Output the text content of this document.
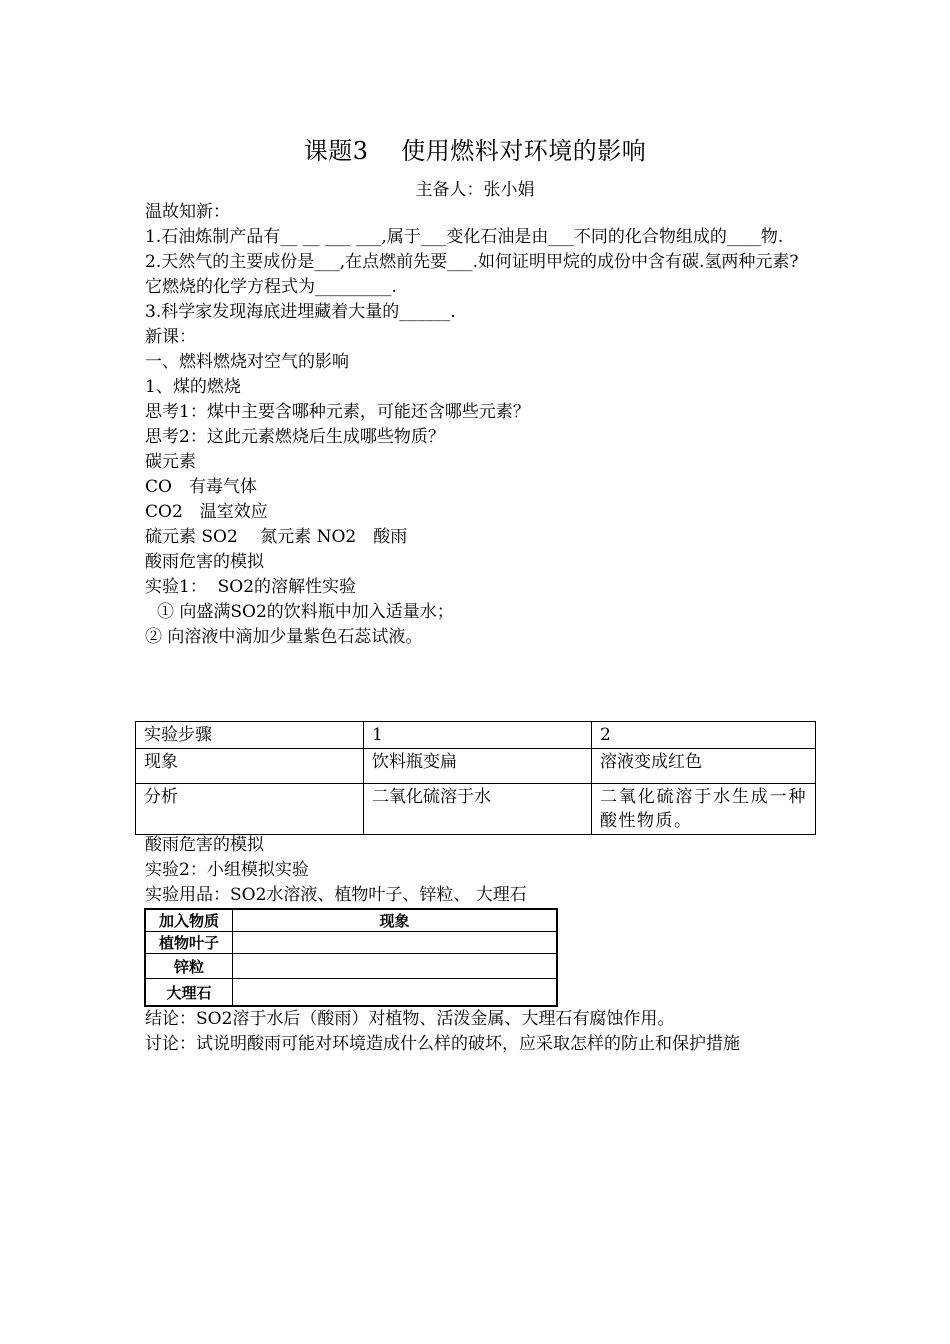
课题3　 使用燃料对环境的影响
主备人：张小娟

温故知新：

1.石油炼制产品有__ __ ___ ___,属于___变化石油是由___不同的化合物组成的____物.

2.天然气的主要成份是___,在点燃前先要___.如何证明甲烷的成份中含有碳.氢两种元素?

它燃烧的化学方程式为_________.

3.科学家发现海底进埋藏着大量的______.

新课：

一、燃料燃烧对空气的影响

1、煤的燃烧

思考1：煤中主要含哪种元素，可能还含哪些元素？

思考2：这此元素燃烧后生成哪些物质？

碳元素

CO　有毒气体

CO2　温室效应

硫元素 SO2　 氮元素 NO2　酸雨

酸雨危害的模拟

实验1：  SO2的溶解性实验

① 向盛满SO2的饮料瓶中加入适量水；

② 向溶液中滴加少量紫色石蕊试液。

实验步骤	1	2
现象	饮料瓶变扁	溶液变成红色
分析	二氧化硫溶于水	二氧化硫溶于水生成一种酸性物质。

酸雨危害的模拟

实验2：小组模拟实验

实验用品：SO2水溶液、植物叶子、锌粒、 大理石

加入物质	现象
植物叶子	
锌粒	
大理石	

结论：SO2溶于水后（酸雨）对植物、活泼金属、大理石有腐蚀作用。

讨论：试说明酸雨可能对环境造成什么样的破坏，应采取怎样的防止和保护措施
